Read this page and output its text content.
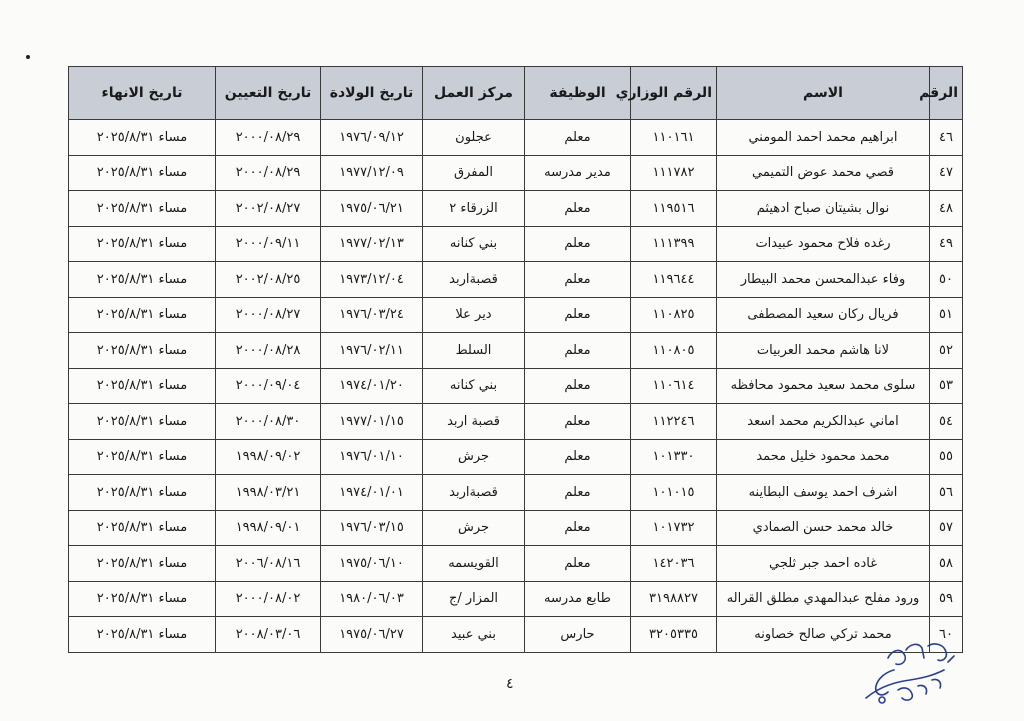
الرقم	الاسم	الرقم الوزاري	الوظيفة	مركز العمل	تاريخ الولادة	تاريخ التعيين	تاريخ الانهاء
٤٦	ابراهيم محمد احمد المومني	١١٠١٦١	معلم	عجلون	١٩٧٦/٠٩/١٢	٢٠٠٠/٠٨/٢٩	مساء ٢٠٢٥/٨/٣١
٤٧	قصي محمد عوض التميمي	١١١٧٨٢	مدير مدرسه	المفرق	١٩٧٧/١٢/٠٩	٢٠٠٠/٠٨/٢٩	مساء ٢٠٢٥/٨/٣١
٤٨	نوال بشيتان صباح ادهيثم	١١٩٥١٦	معلم	الزرقاء ٢	١٩٧٥/٠٦/٢١	٢٠٠٢/٠٨/٢٧	مساء ٢٠٢٥/٨/٣١
٤٩	رغده فلاح محمود عبيدات	١١١٣٩٩	معلم	بني كنانه	١٩٧٧/٠٢/١٣	٢٠٠٠/٠٩/١١	مساء ٢٠٢٥/٨/٣١
٥٠	وفاء عبدالمحسن محمد البيطار	١١٩٦٤٤	معلم	قصبةاربد	١٩٧٣/١٢/٠٤	٢٠٠٢/٠٨/٢٥	مساء ٢٠٢٥/٨/٣١
٥١	فريال ركان سعيد المصطفى	١١٠٨٢٥	معلم	دير علا	١٩٧٦/٠٣/٢٤	٢٠٠٠/٠٨/٢٧	مساء ٢٠٢٥/٨/٣١
٥٢	لانا هاشم محمد العربيات	١١٠٨٠٥	معلم	السلط	١٩٧٦/٠٢/١١	٢٠٠٠/٠٨/٢٨	مساء ٢٠٢٥/٨/٣١
٥٣	سلوى محمد سعيد محمود محافظه	١١٠٦١٤	معلم	بني كنانه	١٩٧٤/٠١/٢٠	٢٠٠٠/٠٩/٠٤	مساء ٢٠٢٥/٨/٣١
٥٤	اماني عبدالكريم محمد اسعد	١١٢٢٤٦	معلم	قصبة اربد	١٩٧٧/٠١/١٥	٢٠٠٠/٠٨/٣٠	مساء ٢٠٢٥/٨/٣١
٥٥	محمد محمود خليل محمد	١٠١٣٣٠	معلم	جرش	١٩٧٦/٠١/١٠	١٩٩٨/٠٩/٠٢	مساء ٢٠٢٥/٨/٣١
٥٦	اشرف احمد يوسف البطاينه	١٠١٠١٥	معلم	قصبةاربد	١٩٧٤/٠١/٠١	١٩٩٨/٠٣/٢١	مساء ٢٠٢٥/٨/٣١
٥٧	خالد محمد حسن الصمادي	١٠١٧٣٢	معلم	جرش	١٩٧٦/٠٣/١٥	١٩٩٨/٠٩/٠١	مساء ٢٠٢٥/٨/٣١
٥٨	غاده احمد جبر ثلجي	١٤٢٠٣٦	معلم	القويسمه	١٩٧٥/٠٦/١٠	٢٠٠٦/٠٨/١٦	مساء ٢٠٢٥/٨/٣١
٥٩	ورود مفلح عبدالمهدي مطلق القراله	٣١٩٨٨٢٧	طابع مدرسه	المزار /ج	١٩٨٠/٠٦/٠٣	٢٠٠٠/٠٨/٠٢	مساء ٢٠٢٥/٨/٣١
٦٠	محمد تركي صالح خصاونه	٣٢٠٥٣٣٥	حارس	بني عبيد	١٩٧٥/٠٦/٢٧	٢٠٠٨/٠٣/٠٦	مساء ٢٠٢٥/٨/٣١
٤
